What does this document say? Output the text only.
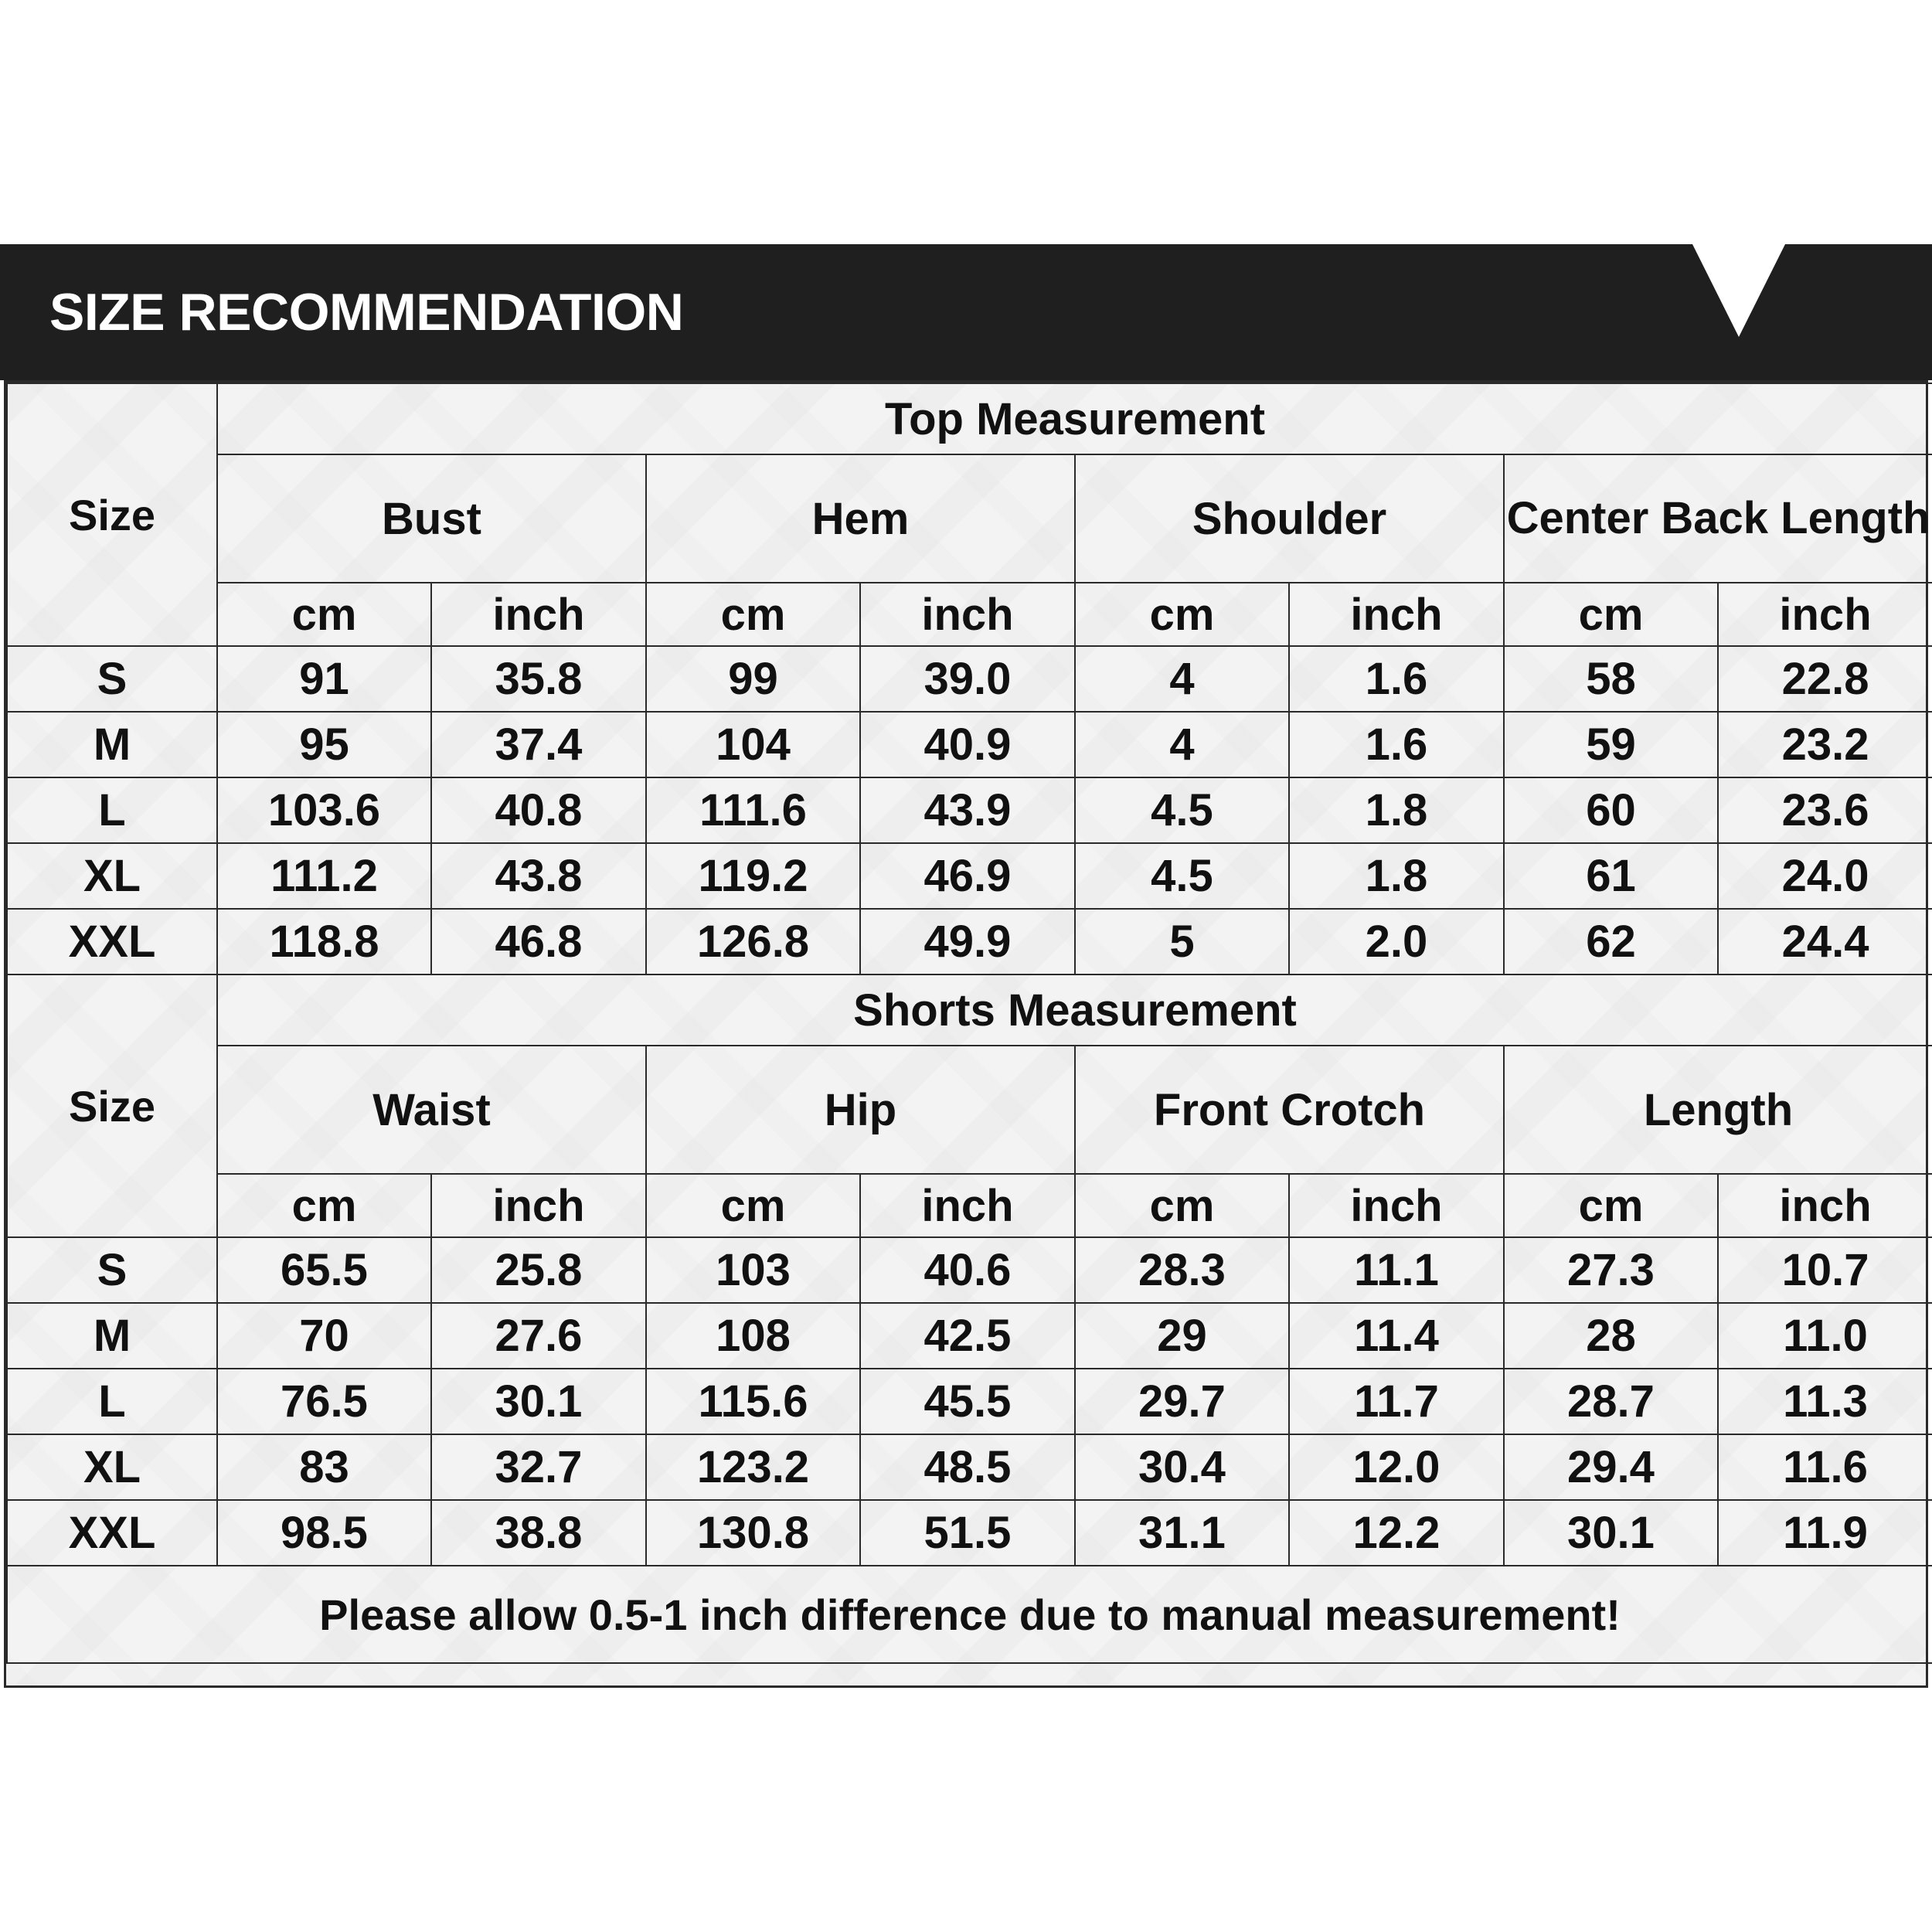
SIZE RECOMMENDATION
Size	Top Measurement							
	Bust		Hem		Shoulder		Center Back Length	
	cm	inch	cm	inch	cm	inch	cm	inch
S	91	35.8	99	39.0	4	1.6	58	22.8
M	95	37.4	104	40.9	4	1.6	59	23.2
L	103.6	40.8	111.6	43.9	4.5	1.8	60	23.6
XL	111.2	43.8	119.2	46.9	4.5	1.8	61	24.0
XXL	118.8	46.8	126.8	49.9	5	2.0	62	24.4
Size	Shorts Measurement							
	Waist		Hip		Front Crotch		Length	
	cm	inch	cm	inch	cm	inch	cm	inch
S	65.5	25.8	103	40.6	28.3	11.1	27.3	10.7
M	70	27.6	108	42.5	29	11.4	28	11.0
L	76.5	30.1	115.6	45.5	29.7	11.7	28.7	11.3
XL	83	32.7	123.2	48.5	30.4	12.0	29.4	11.6
XXL	98.5	38.8	130.8	51.5	31.1	12.2	30.1	11.9
Please allow 0.5-1 inch difference due to manual measurement!								
